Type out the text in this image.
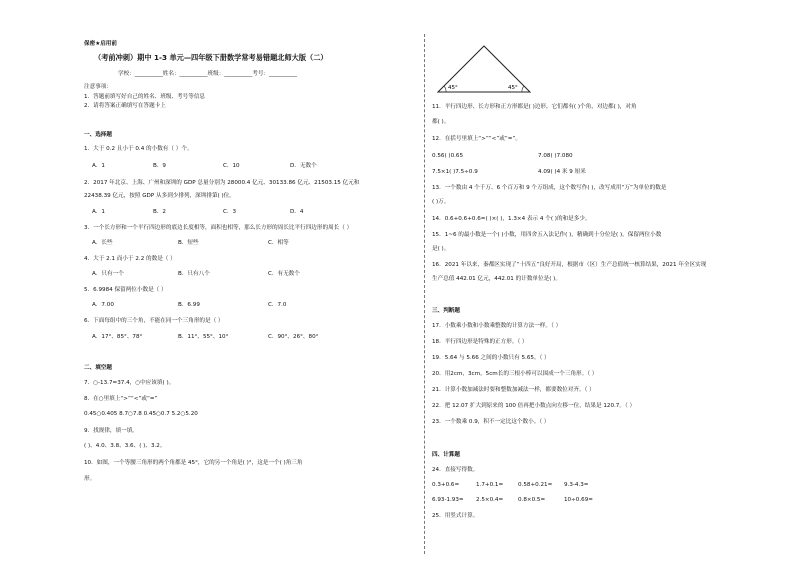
保密★启用前
（考前冲刺）期中 1-3 单元—四年级下册数学常考易错题北师大版（二）
学校：__________姓名：__________班级：__________考号：__________
注意事项：
1．答题前填写好自己的姓名、班级、考号等信息
2．请将答案正确填写在答题卡上
一、选择题
1．大于 0.2 且小于 0.4 的小数有（ ）个。
A．1	B．9	C．10	D．无数个
2．2017 年北京、上海、广州和深圳的 GDP 总量分别为 28000.4 亿元、30133.86 亿元、21503.15 亿元和
22438.39 亿元，按照 GDP 从多到少排列，深圳排第( )位。
A．1	B．2	C．3	D．4
3．一个长方形和一个平行四边形的底边长度相等，面积也相等，那么长方形的周长比平行四边形的周长（ ）
A．长些	B．短些	C．相等
4．大于 2.1 而小于 2.2 的数是（ ）
A．只有一个	B．只有八个	C．有无数个
5．6.9984 保留两位小数是（ ）
A．7.00	B．6.99	C．7.0
6．下面每组中的三个角，不能在同一个三角形的是（ ）
A．17°、85°、78°	B．11°、55°、10°	C．90°、26°、80°
二、填空题
7．○-13.7=37.4，○中应该填( )。
8．在○里填上“>”“<”或“=”
0.45○0.405 8.7○7.8 0.45○0.7 5.2○5.20
9．找规律，填一填。
( )、4.0、3.8、3.6、( )、3.2。
10．如图，一个等腰三角形的两个角都是 45°，它的另一个角是( )°，这是一个( )角三角
形。
45°	45°
11．平行四边形、长方形和正方形都是( )边形，它们都有( )个角，对边都( )，对角
都( )。
12．在括号里填上“>”“<”或“=”。
0.56( )0.65	7.08( )7.080
7.5×1( )7.5÷0.9	4.09( )4 米 9 厘米
13．一个数由 4 个千万、6 个百万和 9 个万组成，这个数写作( )，改写成用“万”为单位的数是
( )万。
14．0.6+0.6+0.6=( )×( )，1.3×4 表示 4 个( )的和是多少。
15．1~6 的最小数是一个( )小数，用四舍五入法记作( )，精确到十分位是( )，保留两位小数
是( )。
16．2021 年以来，秦都区实现了“十四五”良好开局，根据市（区）生产总值统一核算结果，2021 年全区实现
生产总值 442.01 亿元，442.01 的计数单位是( )。
三、判断题
17．小数乘小数和小数乘整数的计算方法一样。（ ）
18．平行四边形是特殊的正方形。（ ）
19．5.64 与 5.66 之间的小数只有 5.65。（ ）
20．用2cm，3cm，5cm长的三根小棒可以围成一个三角形。（ ）
21．计算小数加减法时要和整数加减法一样，都要数位对齐。（ ）
22．把 12.07 扩大到原来的 100 倍再把小数点向左移一位，结果是 120.7。（ ）
23．一个数乘 0.9，积不一定比这个数小。（ ）
四、计算题
24．直接写得数。
0.3+0.6=	1.7+0.1=	0.58+0.21= 9.3-4.3=
6.93-1.93= 2.5×0.4=	0.8×0.5=	10÷0.69=
25．用竖式计算。
